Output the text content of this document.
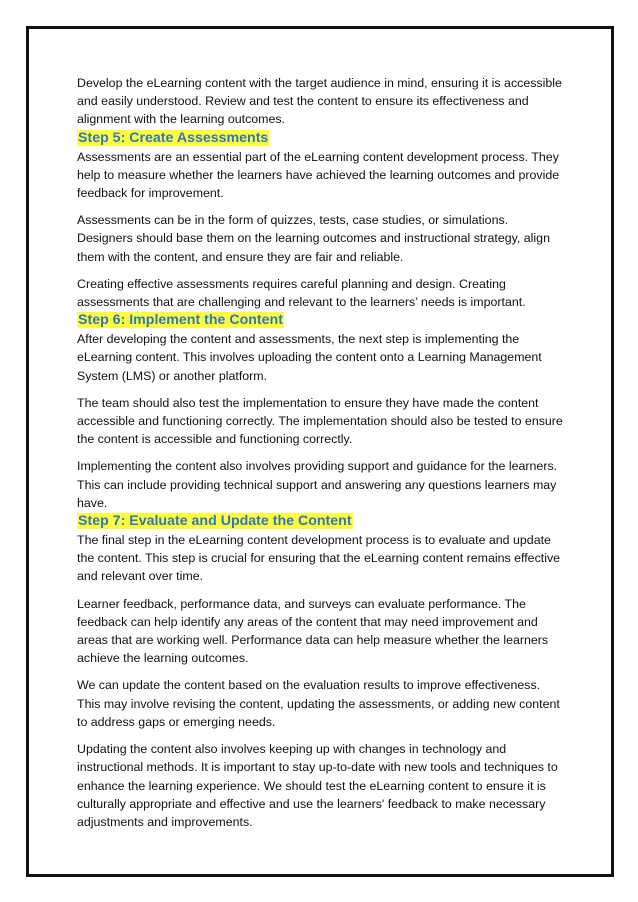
Develop the eLearning content with the target audience in mind, ensuring it is accessible and easily understood. Review and test the content to ensure its effectiveness and alignment with the learning outcomes.

Step 5: Create Assessments

Assessments are an essential part of the eLearning content development process. They help to measure whether the learners have achieved the learning outcomes and provide feedback for improvement.

Assessments can be in the form of quizzes, tests, case studies, or simulations. Designers should base them on the learning outcomes and instructional strategy, align them with the content, and ensure they are fair and reliable.

Creating effective assessments requires careful planning and design. Creating assessments that are challenging and relevant to the learners’ needs is important.

Step 6: Implement the Content

After developing the content and assessments, the next step is implementing the eLearning content. This involves uploading the content onto a Learning Management System (LMS) or another platform.

The team should also test the implementation to ensure they have made the content accessible and functioning correctly. The implementation should also be tested to ensure the content is accessible and functioning correctly.

Implementing the content also involves providing support and guidance for the learners. This can include providing technical support and answering any questions learners may have.

Step 7: Evaluate and Update the Content

The final step in the eLearning content development process is to evaluate and update the content. This step is crucial for ensuring that the eLearning content remains effective and relevant over time.

Learner feedback, performance data, and surveys can evaluate performance. The feedback can help identify any areas of the content that may need improvement and areas that are working well. Performance data can help measure whether the learners achieve the learning outcomes.

We can update the content based on the evaluation results to improve effectiveness. This may involve revising the content, updating the assessments, or adding new content to address gaps or emerging needs.

Updating the content also involves keeping up with changes in technology and instructional methods. It is important to stay up-to-date with new tools and techniques to enhance the learning experience. We should test the eLearning content to ensure it is culturally appropriate and effective and use the learners' feedback to make necessary adjustments and improvements.
